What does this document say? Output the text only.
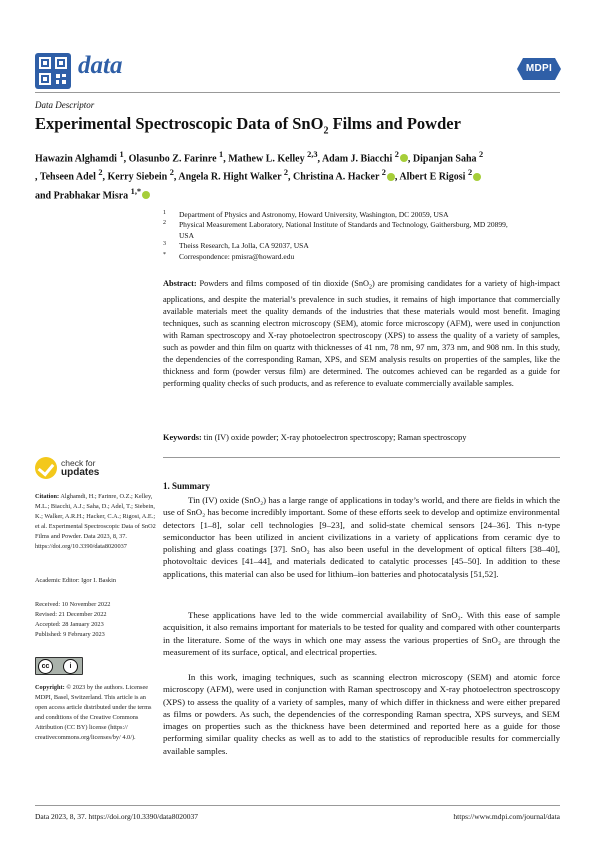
data	MDPI
Data Descriptor
Experimental Spectroscopic Data of SnO$_2$ Films and Powder
Hawazin Alghamdi $^1$, Olasunbo Z. Farinre $^1$, Mathew L. Kelley $^{2,3}$, Adam J. Biacchi $^2$ , Dipanjan Saha $^2$
, Tehseen Adel $^2$, Kerry Siebein $^2$, Angela R. Hight Walker $^2$, Christina A. Hacker $^2$ , Albert E Rigosi $^2$
and Prabhakar Misra $^{1,*}$
1 Department of Physics and Astronomy, Howard University, Washington, DC 20059, USA
2 Physical Measurement Laboratory, National Institute of Standards and Technology, Gaithersburg, MD 20899, USA
3 Theiss Research, La Jolla, CA 92037, USA
* Correspondence: pmisra@howard.edu
Abstract: Powders and films composed of tin dioxide (SnO$_2$) are promising candidates for a variety of high-impact applications, and despite the material’s prevalence in such studies, it remains of high importance that commercially available materials meet the quality demands of the industries that these materials would most benefit. Imaging techniques, such as scanning electron microscopy (SEM), atomic force microscopy (AFM), were used in conjunction with Raman spectroscopy and X-ray photoelectron spectroscopy (XPS) to assess the quality of a variety of samples, such as powder and thin film on quartz with thicknesses of 41 nm, 78 nm, 97 nm, 373 nm, and 908 nm. In this study, the dependencies of the corresponding Raman, XPS, and SEM analysis results on properties of the samples, like the thickness and form (powder versus film) are determined. The outcomes achieved can be regarded as a guide for performing quality checks of such products, and as reference to evaluate commercially available samples.
Keywords: tin (IV) oxide powder; X-ray photoelectron spectroscopy; Raman spectroscopy
check for
updates
Citation: Alghamdi, H.; Farinre, O.Z.; Kelley, M.L.; Biacchi, A.J.; Saha, D.; Adel, T.; Siebein, K.; Walker, A.R.H.; Hacker, C.A.; Rigosi, A.E.; et al. Experimental Spectroscopic Data of SnO2 Films and Powder. Data 2023, 8, 37. https://doi.org/10.3390/data8020037
Academic Editor: Igor I. Baskin
Received: 10 November 2022
Revised: 21 December 2022
Accepted: 28 January 2023
Published: 9 February 2023
cc	i
Copyright: © 2023 by the authors. Licensee MDPI, Basel, Switzerland. This article is an open access article distributed under the terms and conditions of the Creative Commons Attribution (CC BY) license (https:// creativecommons.org/licenses/by/ 4.0/).
1. Summary
Tin (IV) oxide (SnO₂) has a large range of applications in today’s world, and there are fields in which the use of SnO₂ has become incredibly important. Some of these efforts seek to develop and optimize environmental detectors [1–8], solar cell technologies [9–23], and solid-state chemical sensors [24–36]. This n-type semiconductor has been utilized in ancient civilizations in a variety of applications from ceramic dye to polishing and glass coatings [37]. SnO₂ has also been useful in the development of optical filters [38–40], photovoltaic devices [41–44], and materials dedicated to catalytic processes [45–50]. In addition to these applications, this material can also be used for lithium–ion batteries and photocatalysis [51,52].
These applications have led to the wide commercial availability of SnO₂. With this ease of sample acquisition, it also remains important for materials to be tested for quality and compared with other counterparts in the literature. Some of the ways in which one may assess the various properties of SnO₂ are through the measurement of its surface, optical, and electrical properties.
In this work, imaging techniques, such as scanning electron microscopy (SEM) and atomic force microscopy (AFM), were used in conjunction with Raman spectroscopy and X-ray photoelectron spectroscopy (XPS) to assess the quality of a variety of samples, many of which differ in thickness and were either prepared as films or powders. As such, the dependencies of the corresponding Raman spectra, XPS surveys, and SEM images on properties such as the thickness have been determined and reported here as a guide for those performing similar quality checks as well as to add to the statistics of reproducible results for commercially available samples.
Data 2023, 8, 37. https://doi.org/10.3390/data8020037	https://www.mdpi.com/journal/data
